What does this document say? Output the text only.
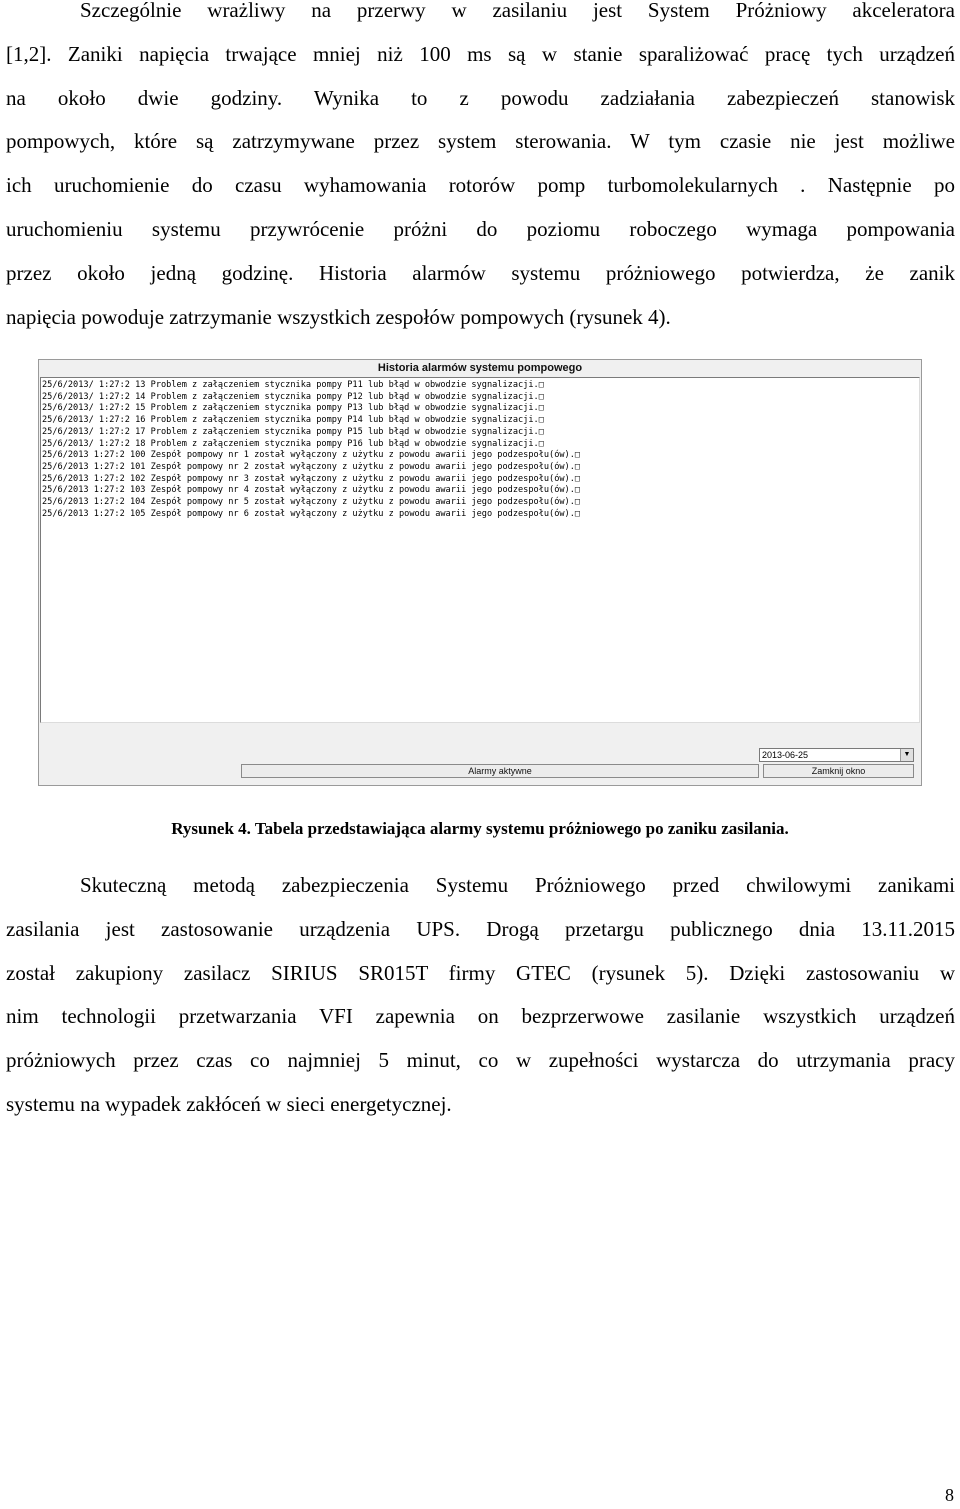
Szczególnie wrażliwy na przerwy w zasilaniu jest System Próżniowy akceleratora
[1,2]. Zaniki napięcia trwające mniej niż 100 ms są w stanie sparaliżować pracę tych urządzeń
na około dwie godziny. Wynika to z powodu zadziałania zabezpieczeń stanowisk
pompowych, które są zatrzymywane przez system sterowania. W tym czasie nie jest możliwe
ich uruchomienie do czasu wyhamowania rotorów pomp turbomolekularnych . Następnie po
uruchomieniu systemu przywrócenie próżni do poziomu roboczego wymaga pompowania
przez około jedną godzinę. Historia alarmów systemu próżniowego potwierdza, że zanik
napięcia powoduje zatrzymanie wszystkich zespołów pompowych (rysunek 4).
Historia alarmów systemu pompowego
25/6/2013/ 1:27:2 13 Problem z załączeniem stycznika pompy P11 lub błąd w obwodzie sygnalizacji.□
25/6/2013/ 1:27:2 14 Problem z załączeniem stycznika pompy P12 lub błąd w obwodzie sygnalizacji.□
25/6/2013/ 1:27:2 15 Problem z załączeniem stycznika pompy P13 lub błąd w obwodzie sygnalizacji.□
25/6/2013/ 1:27:2 16 Problem z załączeniem stycznika pompy P14 lub błąd w obwodzie sygnalizacji.□
25/6/2013/ 1:27:2 17 Problem z załączeniem stycznika pompy P15 lub błąd w obwodzie sygnalizacji.□
25/6/2013/ 1:27:2 18 Problem z załączeniem stycznika pompy P16 lub błąd w obwodzie sygnalizacji.□
25/6/2013 1:27:2 100 Zespół pompowy nr 1 został wyłączony z użytku z powodu awarii jego podzespołu(ów).□
25/6/2013 1:27:2 101 Zespół pompowy nr 2 został wyłączony z użytku z powodu awarii jego podzespołu(ów).□
25/6/2013 1:27:2 102 Zespół pompowy nr 3 został wyłączony z użytku z powodu awarii jego podzespołu(ów).□
25/6/2013 1:27:2 103 Zespół pompowy nr 4 został wyłączony z użytku z powodu awarii jego podzespołu(ów).□
25/6/2013 1:27:2 104 Zespół pompowy nr 5 został wyłączony z użytku z powodu awarii jego podzespołu(ów).□
25/6/2013 1:27:2 105 Zespół pompowy nr 6 został wyłączony z użytku z powodu awarii jego podzespołu(ów).□
2013-06-25	▼
Alarmy aktywne	Zamknij okno
Rysunek 4. Tabela przedstawiająca alarmy systemu próżniowego po zaniku zasilania.
Skuteczną metodą zabezpieczenia Systemu Próżniowego przed chwilowymi zanikami
zasilania jest zastosowanie urządzenia UPS. Drogą przetargu publicznego dnia 13.11.2015
został zakupiony zasilacz SIRIUS SR015T firmy GTEC (rysunek 5). Dzięki zastosowaniu w
nim technologii przetwarzania VFI zapewnia on bezprzerwowe zasilanie wszystkich urządzeń
próżniowych przez czas co najmniej 5 minut, co w zupełności wystarcza do utrzymania pracy
systemu na wypadek zakłóceń w sieci energetycznej.
8
